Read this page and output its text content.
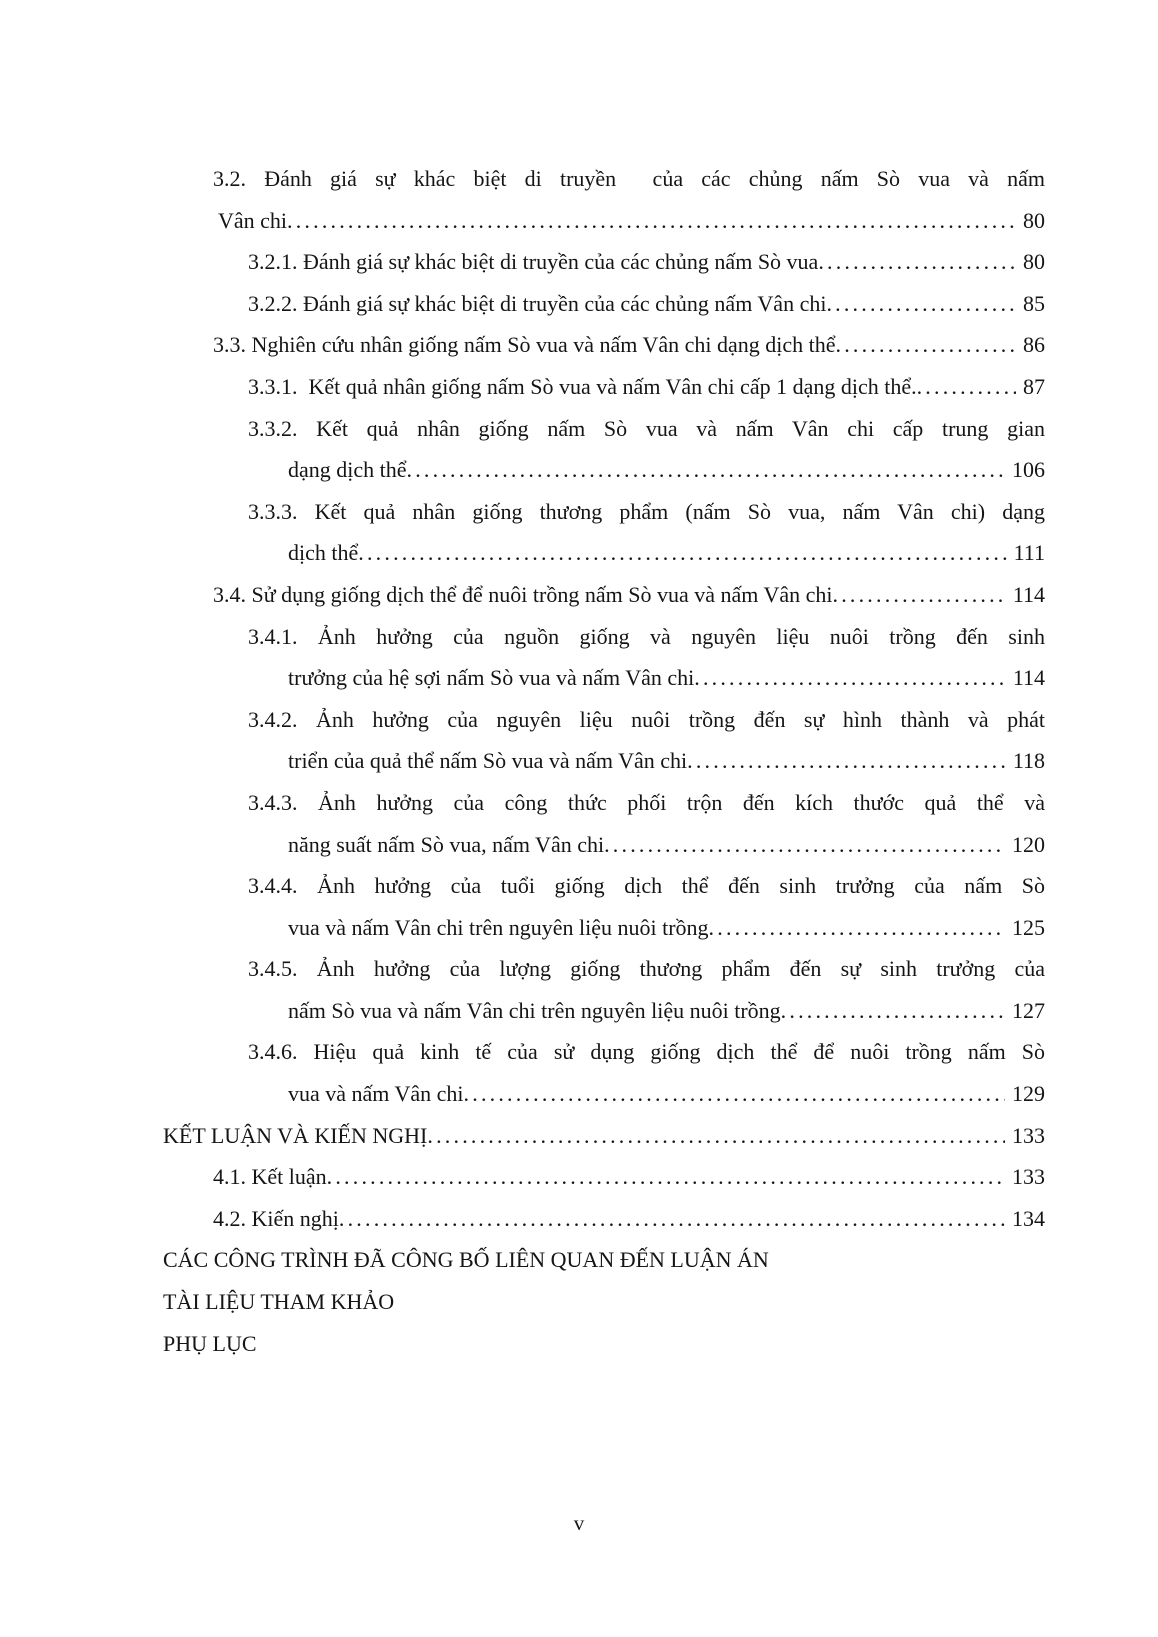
3.2. Đánh giá sự khác biệt di truyền  của các chủng nấm Sò vua và nấm
Vân chi .....	80
3.2.1. Đánh giá sự khác biệt di truyền của các chủng nấm Sò vua .....	80
3.2.2. Đánh giá sự khác biệt di truyền của các chủng nấm Vân chi .....	85
3.3. Nghiên cứu nhân giống nấm Sò vua và nấm Vân chi dạng dịch thể .....	86
3.3.1.  Kết quả nhân giống nấm Sò vua và nấm Vân chi cấp 1 dạng dịch thể. .....	87
3.3.2. Kết quả nhân giống nấm Sò vua và nấm Vân chi cấp trung gian
dạng dịch thể .....	106
3.3.3. Kết quả nhân giống thương phẩm (nấm Sò vua, nấm Vân chi) dạng
dịch thể .....	111
3.4. Sử dụng giống dịch thể để nuôi trồng nấm Sò vua và nấm Vân chi .....	114
3.4.1. Ảnh hưởng của nguồn giống và nguyên liệu nuôi trồng đến sinh
trưởng của hệ sợi nấm Sò vua và nấm Vân chi .....	114
3.4.2. Ảnh hưởng của nguyên liệu nuôi trồng đến sự hình thành và phát
triển của quả thể nấm Sò vua và nấm Vân chi .....	118
3.4.3. Ảnh hưởng của công thức phối trộn đến kích thước quả thể và
năng suất nấm Sò vua, nấm Vân chi .....	120
3.4.4. Ảnh hưởng của tuổi giống dịch thể đến sinh trưởng của nấm Sò
vua và nấm Vân chi trên nguyên liệu nuôi trồng .....	125
3.4.5. Ảnh hưởng của lượng giống thương phẩm đến sự sinh trưởng của
nấm Sò vua và nấm Vân chi trên nguyên liệu nuôi trồng .....	127
3.4.6. Hiệu quả kinh tế của sử dụng giống dịch thể để nuôi trồng nấm Sò
vua và nấm Vân chi .....	129
KẾT LUẬN VÀ KIẾN NGHỊ .....	133
4.1. Kết luận .....	133
4.2. Kiến nghị .....	134
CÁC CÔNG TRÌNH ĐÃ CÔNG BỐ LIÊN QUAN ĐẾN LUẬN ÁN
TÀI LIỆU THAM KHẢO
PHỤ LỤC
v
